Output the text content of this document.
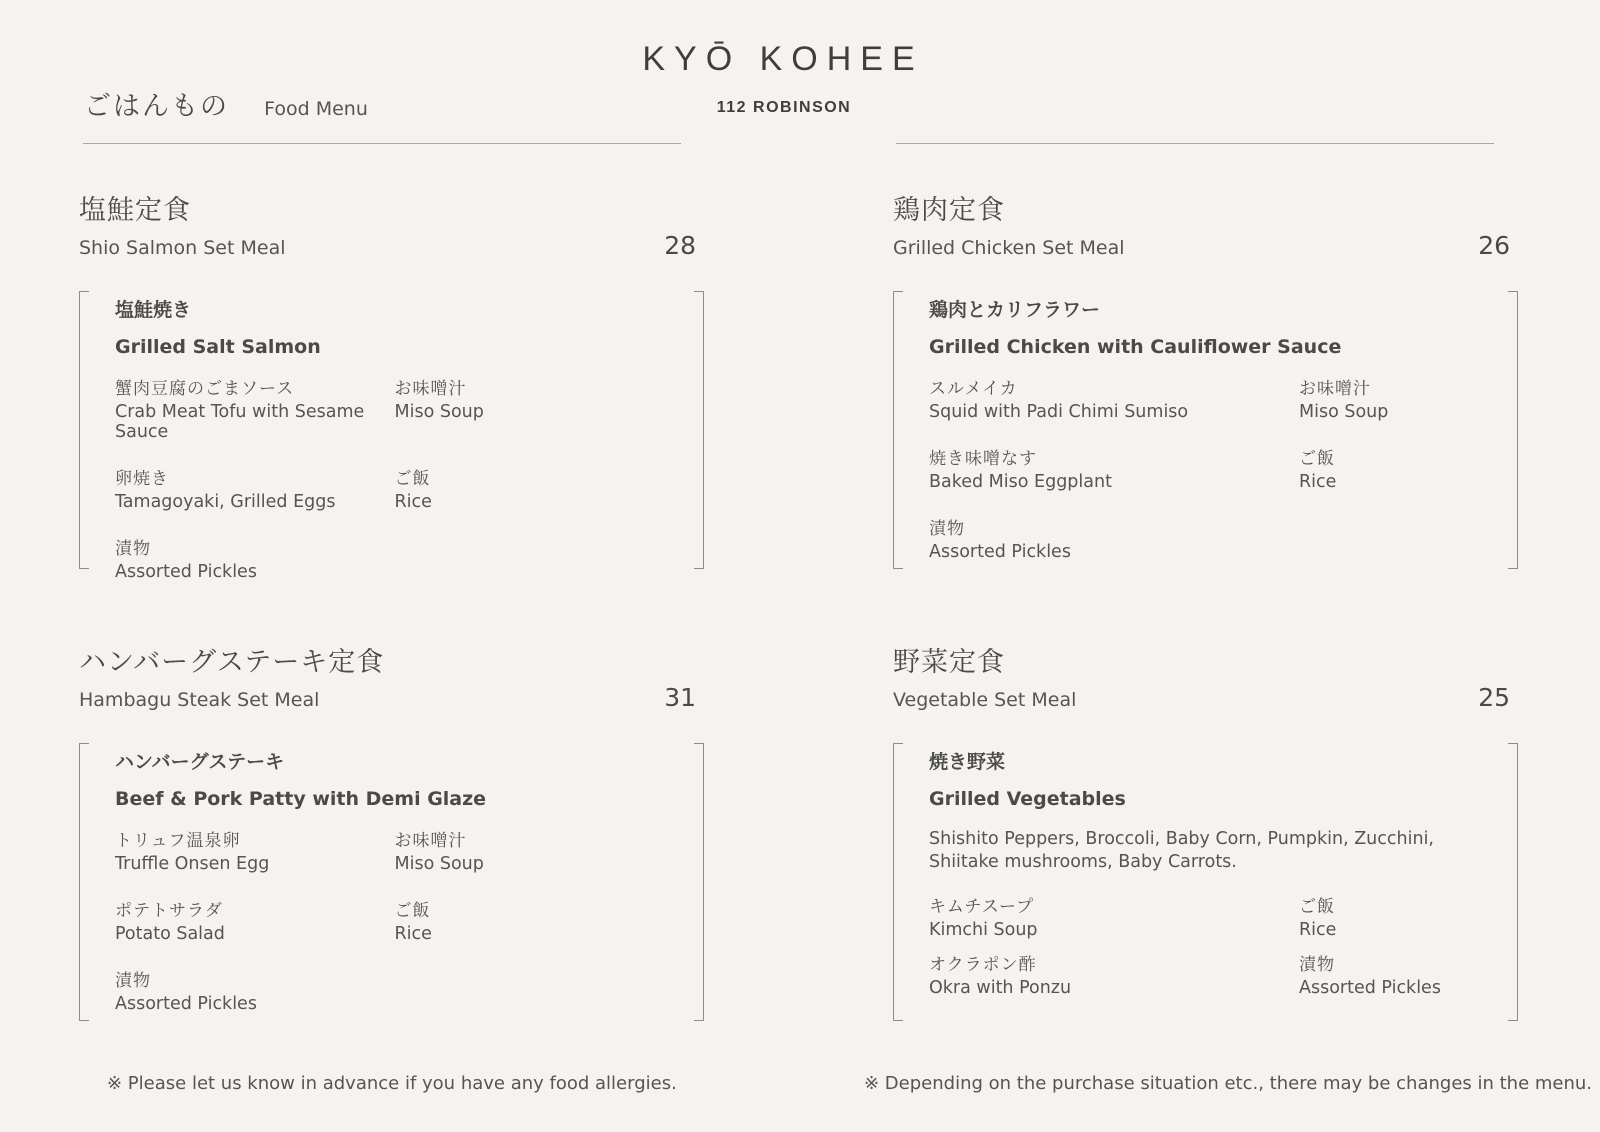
KYŌ KOHEE
112 ROBINSON
ごはんもの Food Menu
塩鮭定食
Shio Salmon Set Meal	28
塩鮭焼き
Grilled Salt Salmon
蟹肉豆腐のごまソース
Crab Meat Tofu with Sesame Sauce
お味噌汁
Miso Soup
卵焼き
Tamagoyaki, Grilled Eggs
ご飯
Rice
漬物
Assorted Pickles
鶏肉定食
Grilled Chicken Set Meal	26
鶏肉とカリフラワー
Grilled Chicken with Cauliflower Sauce
スルメイカ
Squid with Padi Chimi Sumiso
お味噌汁
Miso Soup
焼き味噌なす
Baked Miso Eggplant
ご飯
Rice
漬物
Assorted Pickles
ハンバーグステーキ定食
Hambagu Steak Set Meal	31
ハンバーグステーキ
Beef & Pork Patty with Demi Glaze
トリュフ温泉卵
Truffle Onsen Egg
お味噌汁
Miso Soup
ポテトサラダ
Potato Salad
ご飯
Rice
漬物
Assorted Pickles
野菜定食
Vegetable Set Meal	25
焼き野菜
Grilled Vegetables
Shishito Peppers, Broccoli, Baby Corn, Pumpkin, Zucchini, Shiitake mushrooms, Baby Carrots.
キムチスープ
Kimchi Soup
ご飯
Rice
オクラポン酢
Okra with Ponzu
漬物
Assorted Pickles
※ Please let us know in advance if you have any food allergies.	※ Depending on the purchase situation etc., there may be changes in the menu.
